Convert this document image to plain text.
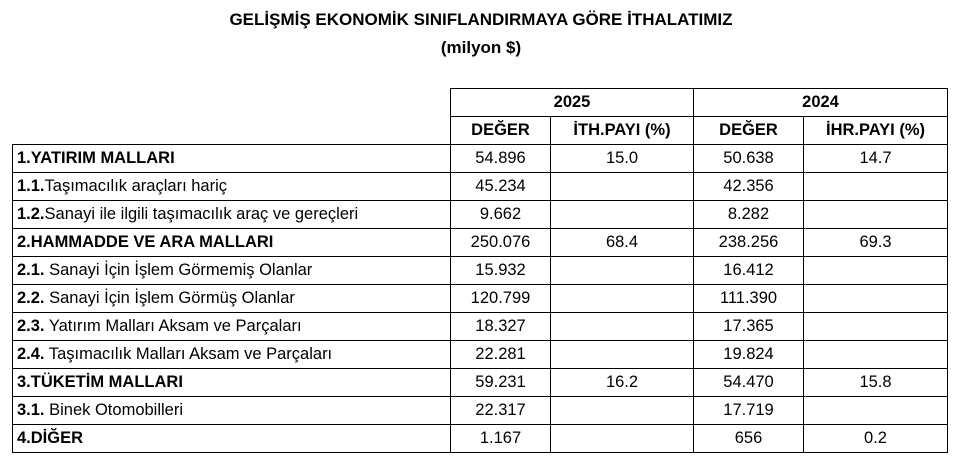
GELİŞMİŞ EKONOMİK SINIFLANDIRMAYA GÖRE İTHALATIMIZ
(milyon $)
	2025		2024	
	DEĞER	İTH.PAYI (%)	DEĞER	İHR.PAYI (%)
1.YATIRIM MALLARI	54.896	15.0	50.638	14.7
1.1.Taşımacılık araçları hariç	45.234		42.356	
1.2.Sanayi ile ilgili taşımacılık araç ve gereçleri	9.662		8.282	
2.HAMMADDE VE ARA MALLARI	250.076	68.4	238.256	69.3
2.1. Sanayi İçin İşlem Görmemiş Olanlar	15.932		16.412	
2.2. Sanayi İçin İşlem Görmüş Olanlar	120.799		111.390	
2.3. Yatırım Malları Aksam ve Parçaları	18.327		17.365	
2.4. Taşımacılık Malları Aksam ve Parçaları	22.281		19.824	
3.TÜKETİM MALLARI	59.231	16.2	54.470	15.8
3.1. Binek Otomobilleri	22.317		17.719	
4.DİĞER	1.167		656	0.2
